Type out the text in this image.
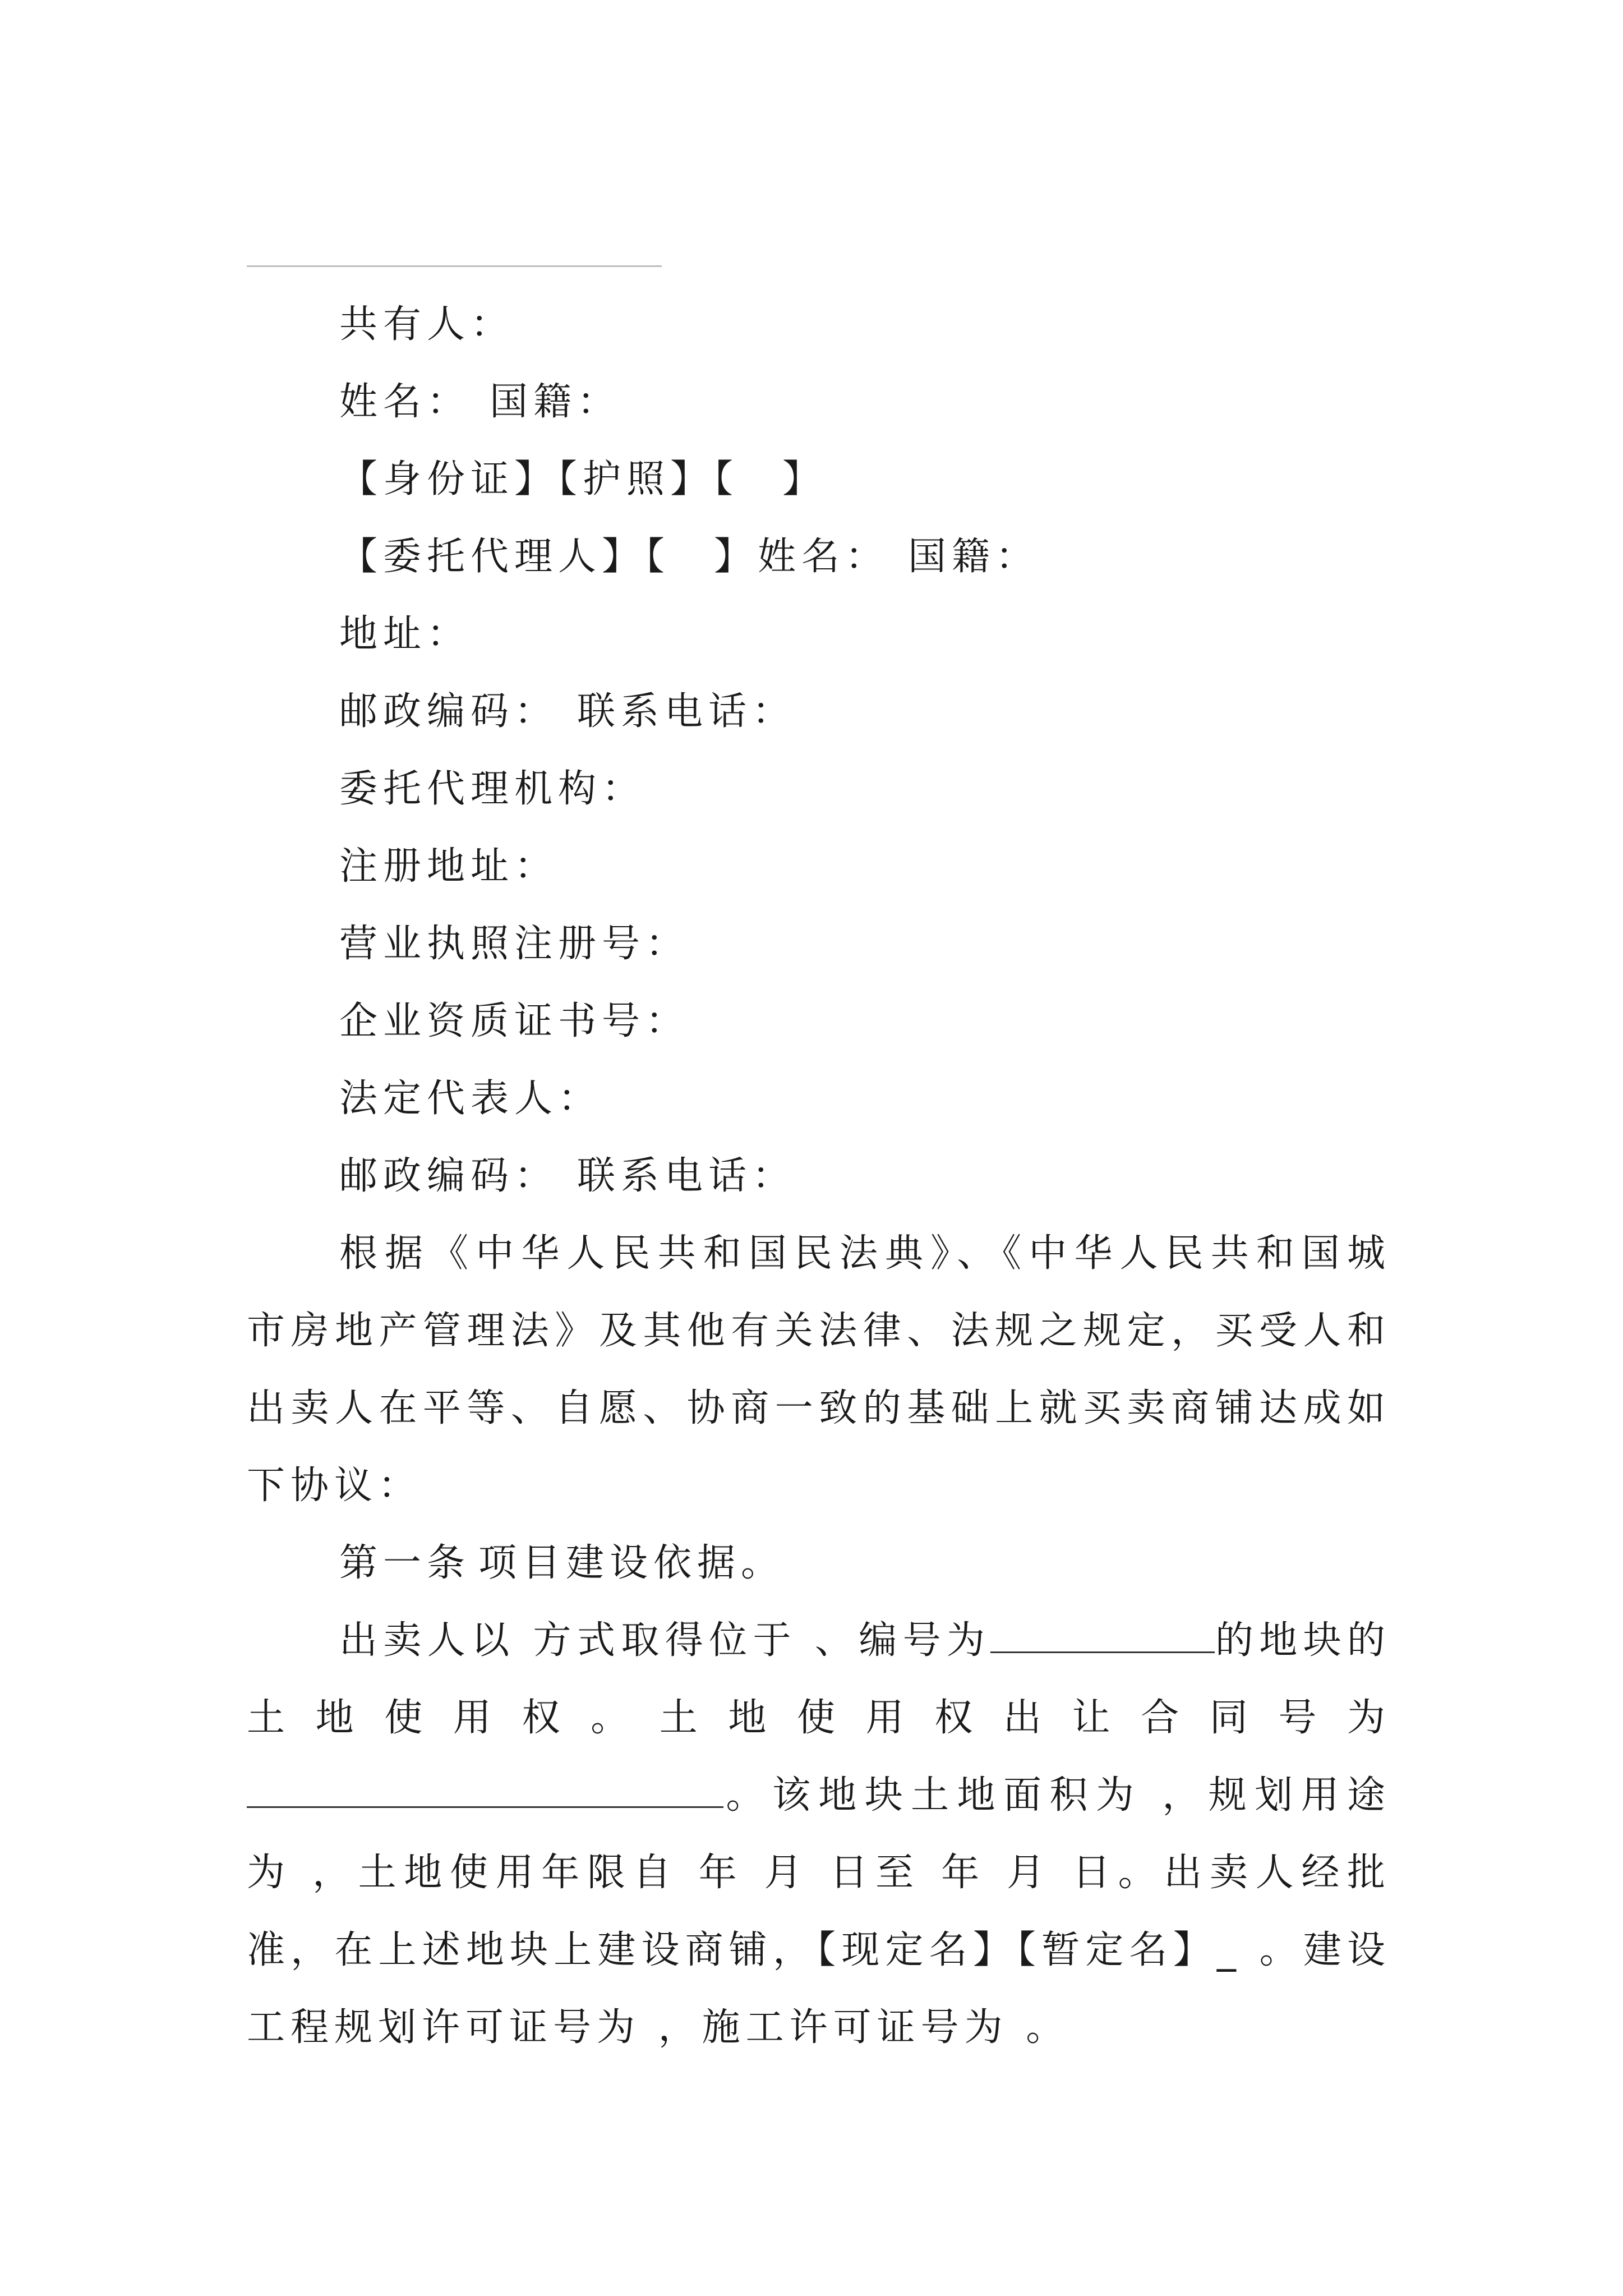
共有人：
姓名： 国籍：
【身份证】【护照】【　】
【委托代理人】【　】姓名： 国籍：
地址：
邮政编码： 联系电话：
委托代理机构：
注册地址：
营业执照注册号：
企业资质证书号：
法定代表人：
邮政编码： 联系电话：

根据《中华人民共和国民法典》、《中华人民共和国城市房地产管理法》及其他有关法律、法规之规定，买受人和出卖人在平等、自愿、协商一致的基础上就买卖商铺达成如下协议：

第一条 项目建设依据。

出卖人以 方式取得位于 、编号为	的地块的土地使用权。土地使用权出让合同号为。该地块土地面积为 ，规划用途为 ，土地使用年限自 年 月 日至 年 月 日。出卖人经批准，在上述地块上建设商铺，【现定名】【暂定名】_ 。建设工程规划许可证号为 ，施工许可证号为 。
